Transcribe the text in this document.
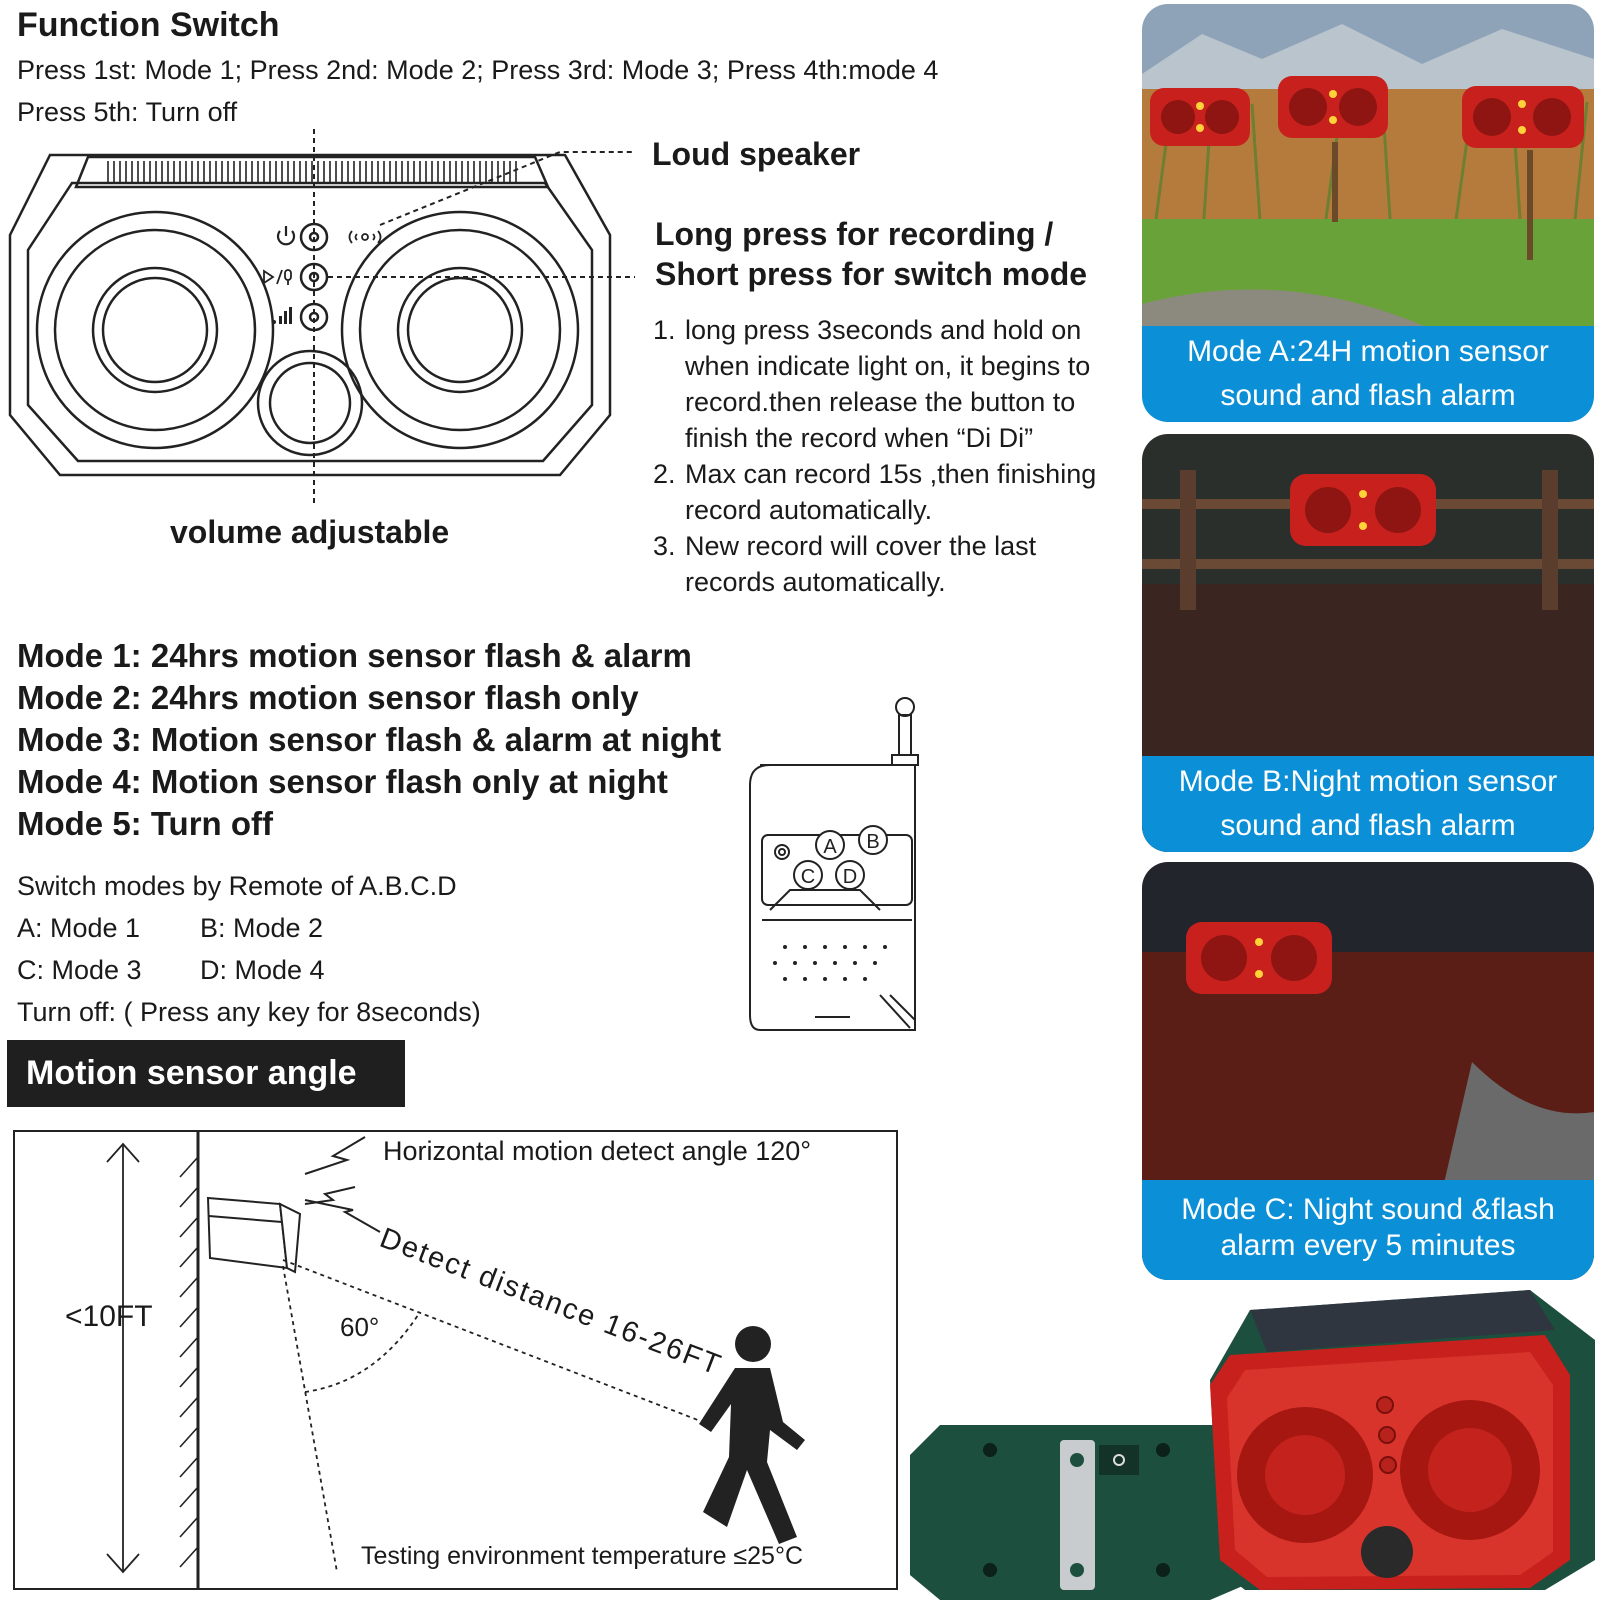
Function Switch
Press 1st: Mode 1; Press 2nd: Mode 2; Press 3rd: Mode 3; Press 4th:mode 4
Press 5th: Turn off
Loud speaker
Long press for recording /
Short press for switch mode
volume adjustable
1. long press 3seconds and hold on when indicate light on, it begins to record.then release the button to finish the record when “Di Di”
2. Max can record 15s ,then finishing record automatically.
3. New record will cover the last records automatically.
Mode 1: 24hrs motion sensor flash & alarm
Mode 2: 24hrs motion sensor flash only
Mode 3: Motion sensor flash & alarm at night
Mode 4: Motion sensor flash only at night
Mode 5: Turn off
Switch modes by Remote of A.B.C.D
A: Mode 1 B: Mode 2
C: Mode 3 D: Mode 4
Turn off: ( Press any key for 8seconds)
A B
C D
Motion sensor angle
Horizontal motion detect angle 120°
<10FT	60°
Detect distance 16-26FT
Testing environment temperature ≤25°C
Mode A:24H motion sensor
sound and flash alarm
Mode B:Night motion sensor
sound and flash alarm
Mode C: Night sound &flash
alarm every 5 minutes
